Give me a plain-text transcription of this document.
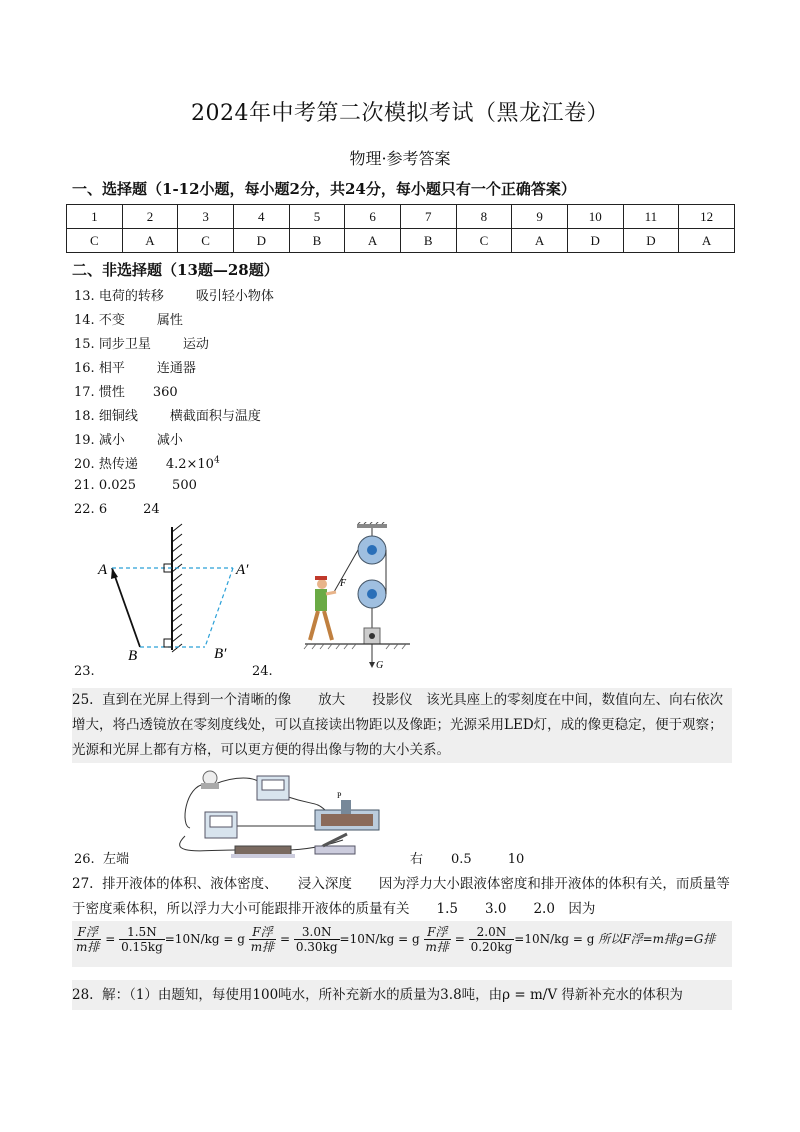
2024年中考第二次模拟考试（黑龙江卷）
物理·参考答案
一、选择题（1-12小题，每小题2分，共24分，每小题只有一个正确答案）
1	2	3	4	5	6	7	8	9	10	11	12
C	A	C	D	B	A	B	C	A	D	D	A
二、非选择题（13题—28题）
13. 电荷的转移 吸引轻小物体
14. 不变 属性
15. 同步卫星 运动
16. 相平 连通器
17. 惯性 360
18. 细铜线 横截面积与温度
19. 减小 减小
20. 热传递 $4.2\times 10^4$
21. 0.025	500
22. 6	24
A	A′
B	B′
23.
F
G
24.
25. 直到在光屏上得到一个清晰的像　　放大　　投影仪　该光具座上的零刻度在中间，数值向左、向右依次增大，将凸透镜放在零刻度线处，可以直接读出物距以及像距；光源采用LED灯，成的像更稳定，便于观察；光源和光屏上都有方格，可以更方便的得出像与物的大小关系。
P
26. 左端	右 0.5	10
27. 排开液体的体积、液体密度、　　浸入深度　　因为浮力大小跟液体密度和排开液体的体积有关，而质量等于密度乘体积，所以浮力大小可能跟排开液体的质量有关　　1.5　　3.0　　2.0　因为
$\frac{\text{F浮}}{\text{m排}} = \frac{1.5N}{0.15kg} =10N/kg = g \frac{\text{F浮}}{\text{m排}} = \frac{3.0N}{0.30kg} =10N/kg = g \frac{\text{F浮}}{\text{m排}} = \frac{2.0N}{0.20kg} =10N/kg = g$ 所以F浮=m排g=G排
28. 解：（1）由题知，每使用100吨水，所补充新水的质量为3.8吨，由ρ = m/V 得新补充水的体积为
